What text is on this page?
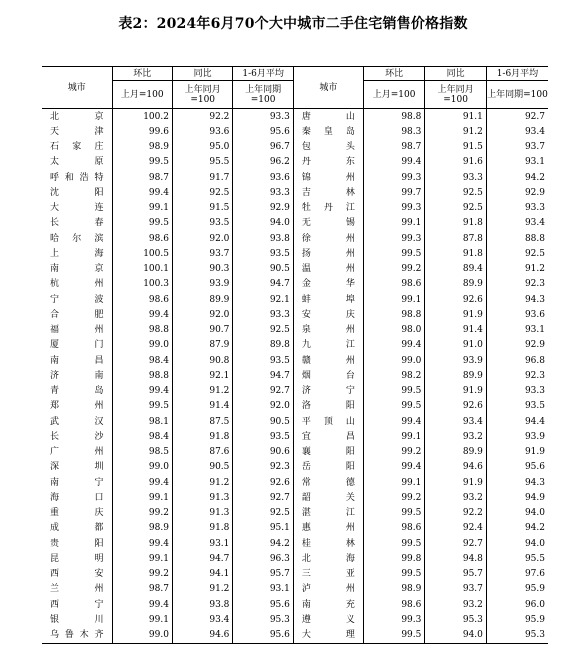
表2：2024年6月70个大中城市二手住宅销售价格指数
城市	环比	同比	1-6月平均	城市	环比	同比	1-6月平均
	上月=100	上年同月=100	上年同期=100		上月=100	上年同月=100	上年同期=100
北京	100.2	92.2	93.3	唐山	98.8	91.1	92.7
天津	99.6	93.6	95.6	秦皇岛	98.3	91.2	93.4
石家庄	98.9	95.0	96.7	包头	98.7	91.5	93.7
太原	99.5	95.5	96.2	丹东	99.4	91.6	93.1
呼和浩特	98.7	91.7	93.6	锦州	99.3	93.3	94.2
沈阳	99.4	92.5	93.3	吉林	99.7	92.5	92.9
大连	99.1	91.5	92.9	牡丹江	99.3	92.5	93.3
长春	99.5	93.5	94.0	无锡	99.1	91.8	93.4
哈尔滨	98.6	92.0	93.8	徐州	99.3	87.8	88.8
上海	100.5	93.7	93.5	扬州	99.5	91.8	92.5
南京	100.1	90.3	90.5	温州	99.2	89.4	91.2
杭州	100.3	93.9	94.7	金华	98.6	89.9	92.3
宁波	98.6	89.9	92.1	蚌埠	99.1	92.6	94.3
合肥	99.4	92.0	93.3	安庆	98.8	91.9	93.6
福州	98.8	90.7	92.5	泉州	98.0	91.4	93.1
厦门	99.0	87.9	89.8	九江	99.4	91.0	92.9
南昌	98.4	90.8	93.5	赣州	99.0	93.9	96.8
济南	98.8	92.1	94.7	烟台	98.2	89.9	92.3
青岛	99.4	91.2	92.7	济宁	99.5	91.9	93.3
郑州	99.5	91.4	92.0	洛阳	99.5	92.6	93.5
武汉	98.1	87.5	90.5	平顶山	99.4	93.4	94.4
长沙	98.4	91.8	93.5	宜昌	99.1	93.2	93.9
广州	98.5	87.6	90.6	襄阳	99.2	89.9	91.9
深圳	99.0	90.5	92.3	岳阳	99.4	94.6	95.6
南宁	99.4	91.2	92.6	常德	99.1	91.9	94.3
海口	99.1	91.3	92.7	韶关	99.2	93.2	94.9
重庆	99.2	91.3	92.5	湛江	99.5	92.2	94.0
成都	98.9	91.8	95.1	惠州	98.6	92.4	94.2
贵阳	99.4	93.1	94.2	桂林	99.5	92.7	94.0
昆明	99.1	94.7	96.3	北海	99.8	94.8	95.5
西安	99.2	94.1	95.7	三亚	99.5	95.7	97.6
兰州	98.7	91.2	93.1	泸州	98.9	93.7	95.9
西宁	99.4	93.8	95.6	南充	98.6	93.2	96.0
银川	99.1	93.4	95.3	遵义	99.3	95.3	95.9
乌鲁木齐	99.0	94.6	95.6	大理	99.5	94.0	95.3
